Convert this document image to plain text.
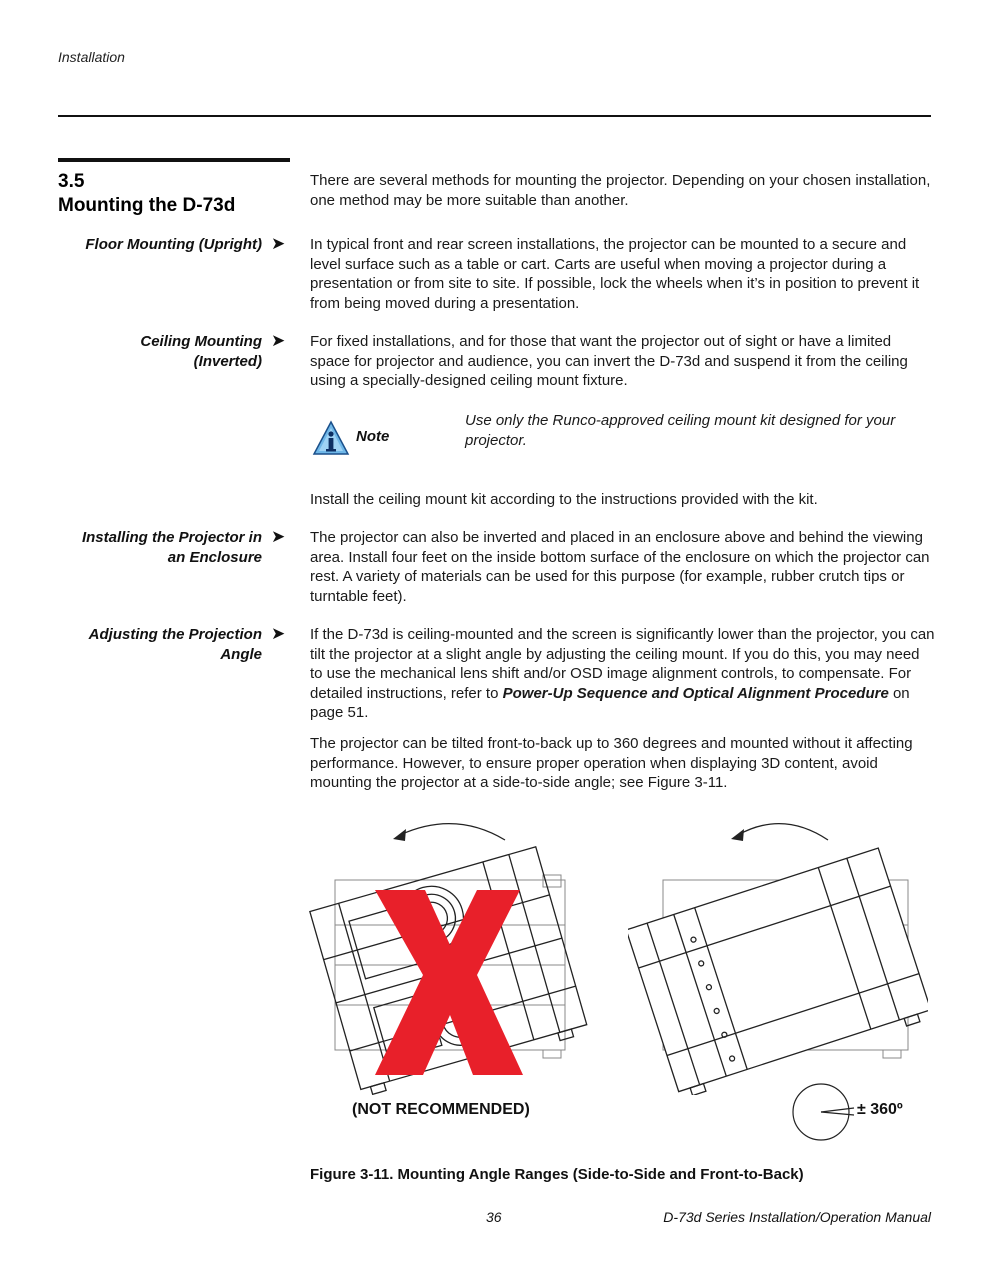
Installation
3.5
Mounting the D-73d
There are several methods for mounting the projector. Depending on your chosen installation, one method may be more suitable than another.
Floor Mounting (Upright) ➤ In typical front and rear screen installations, the projector can be mounted to a secure and level surface such as a table or cart. Carts are useful when moving a projector during a presentation or from site to site. If possible, lock the wheels when it’s in position to prevent it from being moved during a presentation.
Ceiling Mounting
(Inverted)
➤ For fixed installations, and for those that want the projector out of sight or have a limited space for projector and audience, you can invert the D-73d and suspend it from the ceiling using a specially-designed ceiling mount fixture.
Note
Use only the Runco-approved ceiling mount kit designed for your projector.
Install the ceiling mount kit according to the instructions provided with the kit.
Installing the Projector in
an Enclosure
➤ The projector can also be inverted and placed in an enclosure above and behind the viewing area. Install four feet on the inside bottom surface of the enclosure on which the projector can rest. A variety of materials can be used for this purpose (for example, rubber crutch tips or turntable feet).
Adjusting the Projection
Angle
➤ If the D-73d is ceiling-mounted and the screen is significantly lower than the projector, you can tilt the projector at a slight angle by adjusting the ceiling mount. If you do this, you may need to use the mechanical lens shift and/or OSD image alignment controls, to compensate. For detailed instructions, refer to Power-Up Sequence and Optical Alignment Procedure on page 51.
The projector can be tilted front-to-back up to 360 degrees and mounted without it affecting performance. However, to ensure proper operation when displaying 3D content, avoid mounting the projector at a side-to-side angle; see Figure 3-11.
(NOT RECOMMENDED)	± 360º
Figure 3-11. Mounting Angle Ranges (Side-to-Side and Front-to-Back)
36	D-73d Series Installation/Operation Manual
